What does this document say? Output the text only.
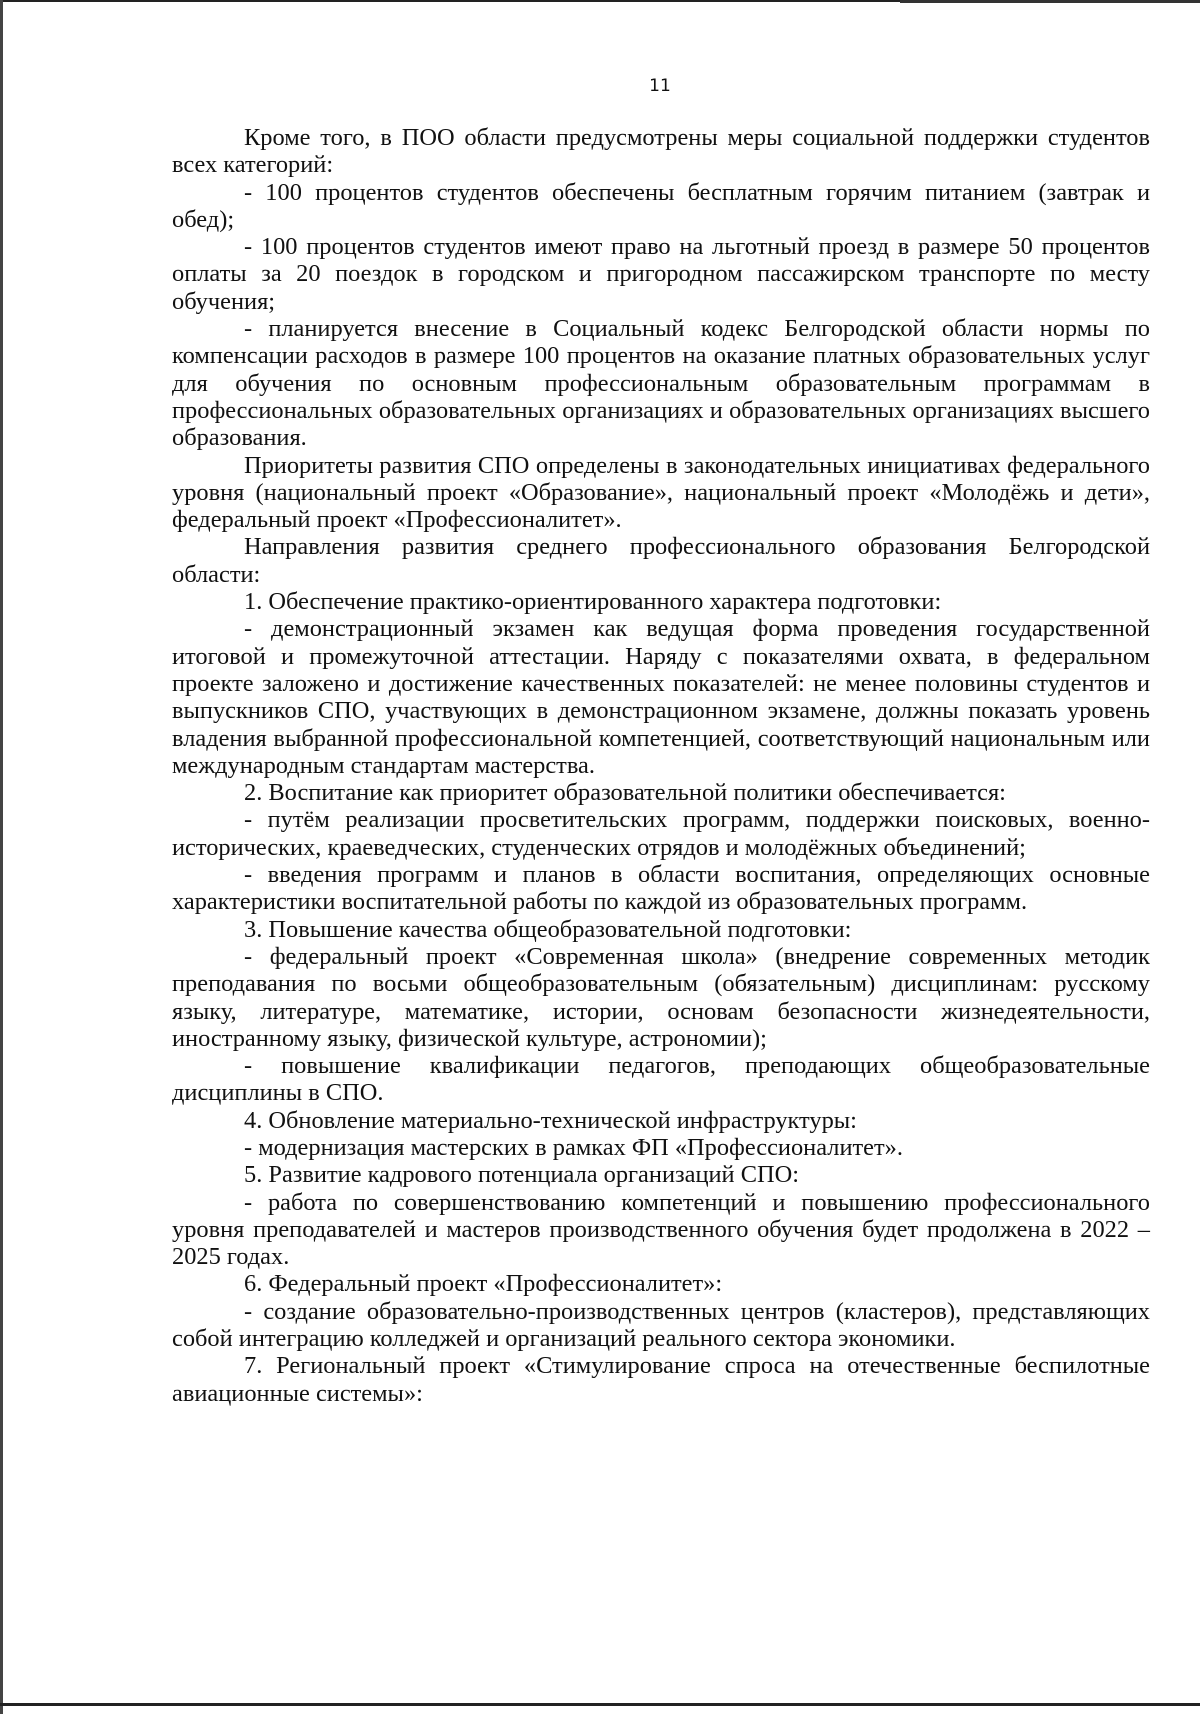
11

Кроме того, в ПОО области предусмотрены меры социальной поддержки студентов всех категорий:

- 100 процентов студентов обеспечены бесплатным горячим питанием (завтрак и обед);

- 100 процентов студентов имеют право на льготный проезд в размере 50 процентов оплаты за 20 поездок в городском и пригородном пассажирском транспорте по месту обучения;

- планируется внесение в Социальный кодекс Белгородской области нормы по компенсации расходов в размере 100 процентов на оказание платных образовательных услуг для обучения по основным профессиональным образовательным программам в профессиональных образовательных организациях и образовательных организациях высшего образования.

Приоритеты развития СПО определены в законодательных инициативах федерального уровня (национальный проект «Образование», национальный проект «Молодёжь и дети», федеральный проект «Профессионалитет».

Направления развития среднего профессионального образования Белгородской области:

1. Обеспечение практико-ориентированного характера подготовки:

- демонстрационный экзамен как ведущая форма проведения государственной итоговой и промежуточной аттестации. Наряду с показателями охвата, в федеральном проекте заложено и достижение качественных показателей: не менее половины студентов и выпускников СПО, участвующих в демонстрационном экзамене, должны показать уровень владения выбранной профессиональной компетенцией, соответствующий национальным или международным стандартам мастерства.

2. Воспитание как приоритет образовательной политики обеспечивается:

- путём реализации просветительских программ, поддержки поисковых, военно-исторических, краеведческих, студенческих отрядов и молодёжных объединений;

- введения программ и планов в области воспитания, определяющих основные характеристики воспитательной работы по каждой из образовательных программ.

3. Повышение качества общеобразовательной подготовки:

- федеральный проект «Современная школа» (внедрение современных методик преподавания по восьми общеобразовательным (обязательным) дисциплинам: русскому языку, литературе, математике, истории, основам безопасности жизнедеятельности, иностранному языку, физической культуре, астрономии);

- повышение квалификации педагогов, преподающих общеобразовательные дисциплины в СПО.

4. Обновление материально-технической инфраструктуры:

- модернизация мастерских в рамках ФП «Профессионалитет».

5. Развитие кадрового потенциала организаций СПО:

- работа по совершенствованию компетенций и повышению профессионального уровня преподавателей и мастеров производственного обучения будет продолжена в 2022 – 2025 годах.

6. Федеральный проект «Профессионалитет»:

- создание образовательно-производственных центров (кластеров), представляющих собой интеграцию колледжей и организаций реального сектора экономики.

7. Региональный проект «Стимулирование спроса на отечественные беспилотные авиационные системы»:
